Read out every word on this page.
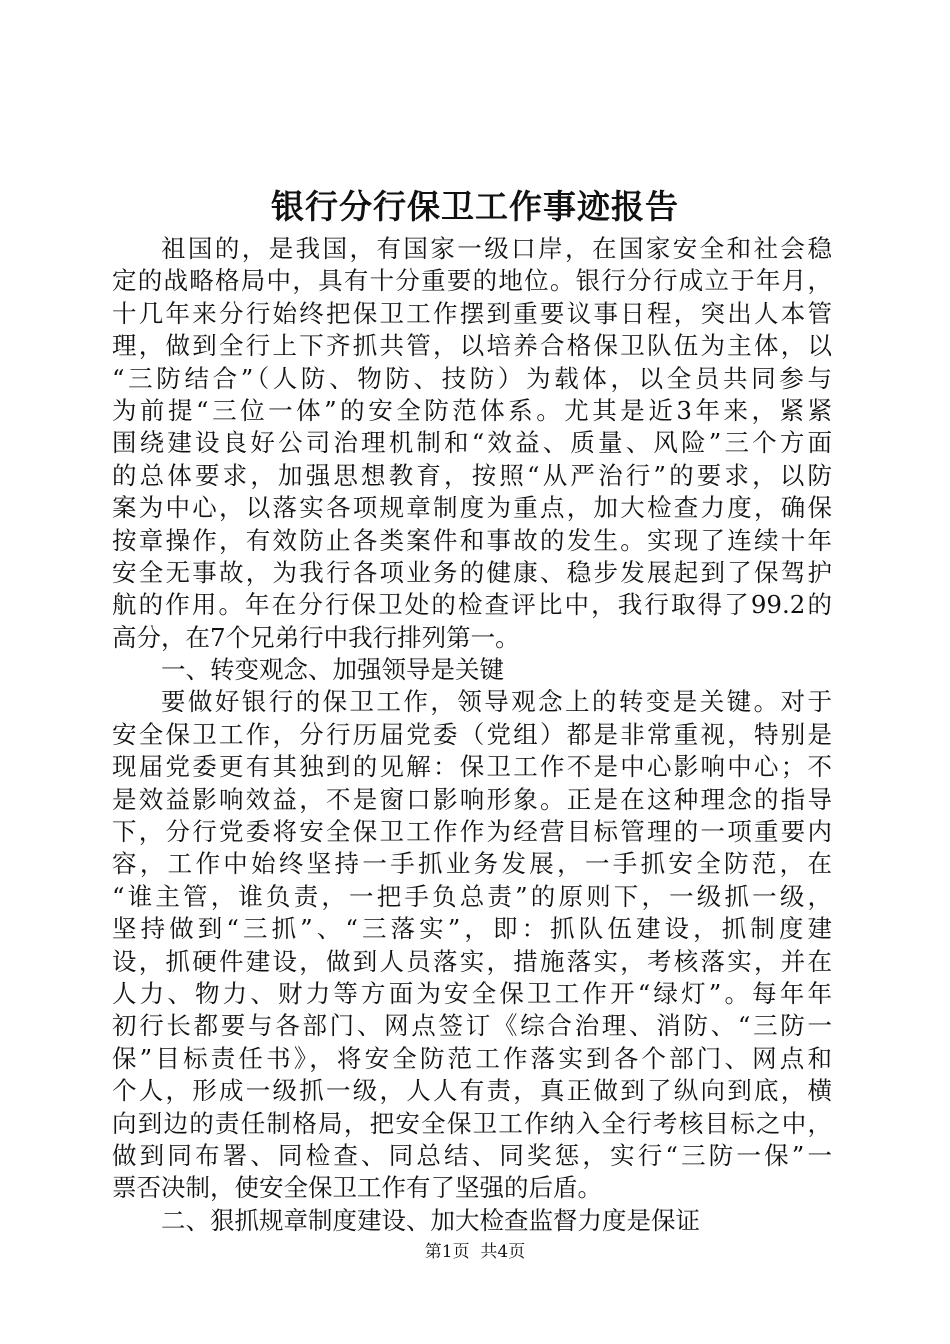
银行分行保卫工作事迹报告
祖国的，是我国，有国家一级口岸，在国家安全和社会稳
定的战略格局中，具有十分重要的地位。银行分行成立于年月，
十几年来分行始终把保卫工作摆到重要议事日程，突出人本管
理，做到全行上下齐抓共管，以培养合格保卫队伍为主体，以
“三防结合”（人防、物防、技防）为载体，以全员共同参与
为前提“三位一体”的安全防范体系。尤其是近3年来，紧紧
围绕建设良好公司治理机制和“效益、质量、风险”三个方面
的总体要求，加强思想教育，按照“从严治行”的要求，以防
案为中心，以落实各项规章制度为重点，加大检查力度，确保
按章操作，有效防止各类案件和事故的发生。实现了连续十年
安全无事故，为我行各项业务的健康、稳步发展起到了保驾护
航的作用。年在分行保卫处的检查评比中，我行取得了99.2的
高分，在7个兄弟行中我行排列第一。
一、转变观念、加强领导是关键
要做好银行的保卫工作，领导观念上的转变是关键。对于
安全保卫工作，分行历届党委（党组）都是非常重视，特别是
现届党委更有其独到的见解：保卫工作不是中心影响中心；不
是效益影响效益，不是窗口影响形象。正是在这种理念的指导
下，分行党委将安全保卫工作作为经营目标管理的一项重要内
容，工作中始终坚持一手抓业务发展，一手抓安全防范，在
“谁主管，谁负责，一把手负总责”的原则下，一级抓一级，
坚持做到“三抓”、“三落实”，即：抓队伍建设，抓制度建
设，抓硬件建设，做到人员落实，措施落实，考核落实，并在
人力、物力、财力等方面为安全保卫工作开“绿灯”。每年年
初行长都要与各部门、网点签订《综合治理、消防、“三防一
保”目标责任书》，将安全防范工作落实到各个部门、网点和
个人，形成一级抓一级，人人有责，真正做到了纵向到底，横
向到边的责任制格局，把安全保卫工作纳入全行考核目标之中，
做到同布署、同检查、同总结、同奖惩，实行“三防一保”一
票否决制，使安全保卫工作有了坚强的后盾。
二、狠抓规章制度建设、加大检查监督力度是保证
第1页  共4页
